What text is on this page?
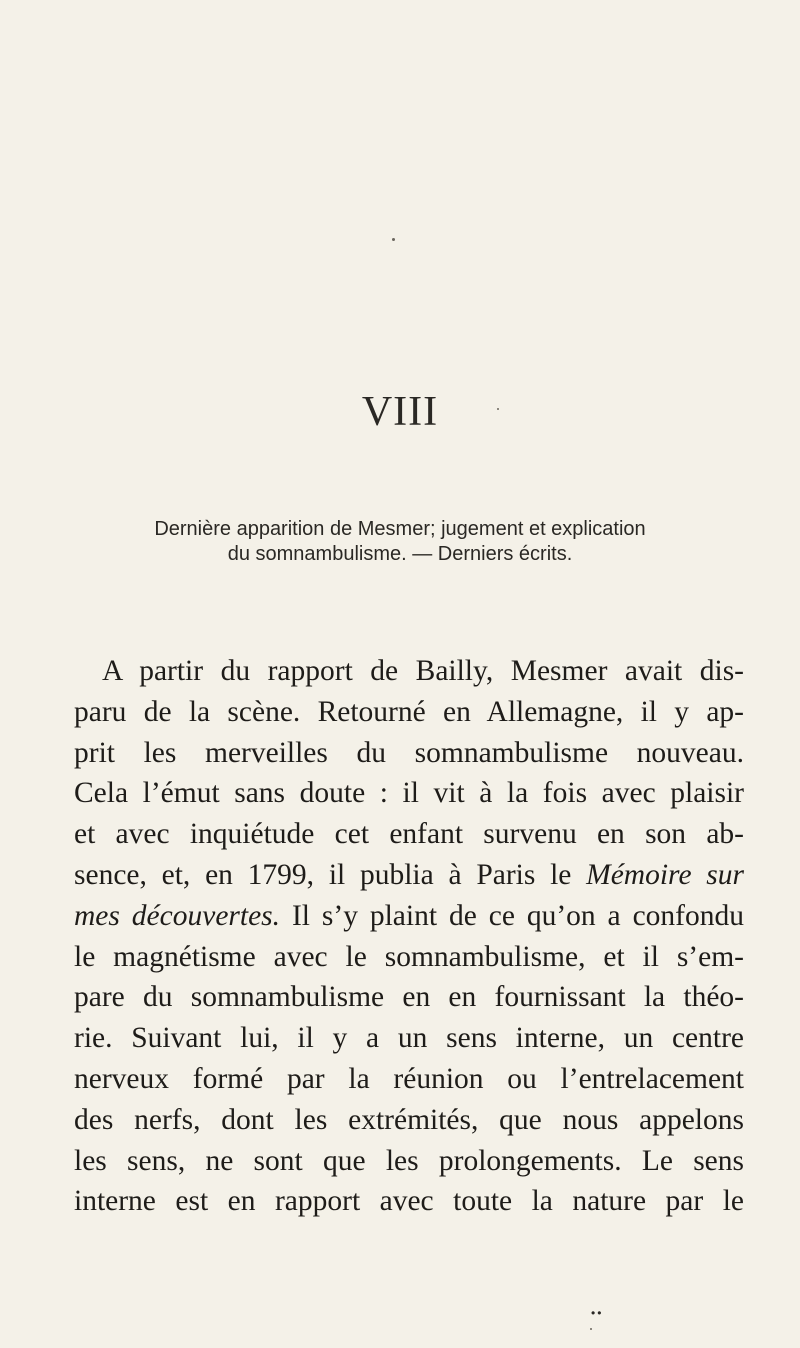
VIII
Dernière apparition de Mesmer; jugement et explication
du somnambulisme. — Derniers écrits.
A partir du rapport de Bailly, Mesmer avait dis-
paru de la scène. Retourné en Allemagne, il y ap-
prit les merveilles du somnambulisme nouveau.
Cela l’émut sans doute : il vit à la fois avec plaisir
et avec inquiétude cet enfant survenu en son ab-
sence, et, en 1799, il publia à Paris le Mémoire sur
mes découvertes. Il s’y plaint de ce qu’on a confondu
le magnétisme avec le somnambulisme, et il s’em-
pare du somnambulisme en en fournissant la théo-
rie. Suivant lui, il y a un sens interne, un centre
nerveux formé par la réunion ou l’entrelacement
des nerfs, dont les extrémités, que nous appelons
les sens, ne sont que les prolongements. Le sens
interne est en rapport avec toute la nature par le
••
